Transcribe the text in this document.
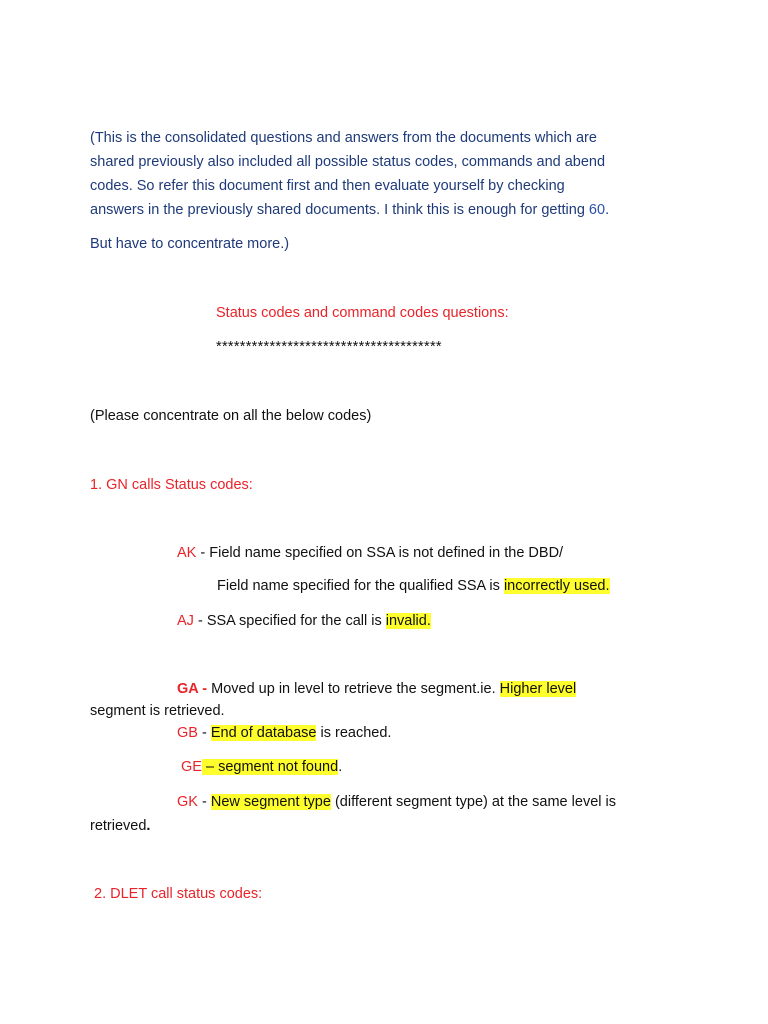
(This is the consolidated questions and answers from the documents which are
shared previously also included all possible status codes, commands and abend
codes. So refer this document first and then evaluate yourself by checking
answers in the previously shared documents. I think this is enough for getting 60.
But have to concentrate more.)
Status codes and command codes questions:
**************************************
(Please concentrate on all the below codes)
1. GN calls Status codes:
AK - Field name specified on SSA is not defined in the DBD/
Field name specified for the qualified SSA is incorrectly used.
AJ - SSA specified for the call is invalid.
GA - Moved up in level to retrieve the segment.ie. Higher level
segment is retrieved.
GB - End of database is reached.
GE – segment not found.
GK - New segment type (different segment type) at the same level is
retrieved.
2. DLET call status codes:
